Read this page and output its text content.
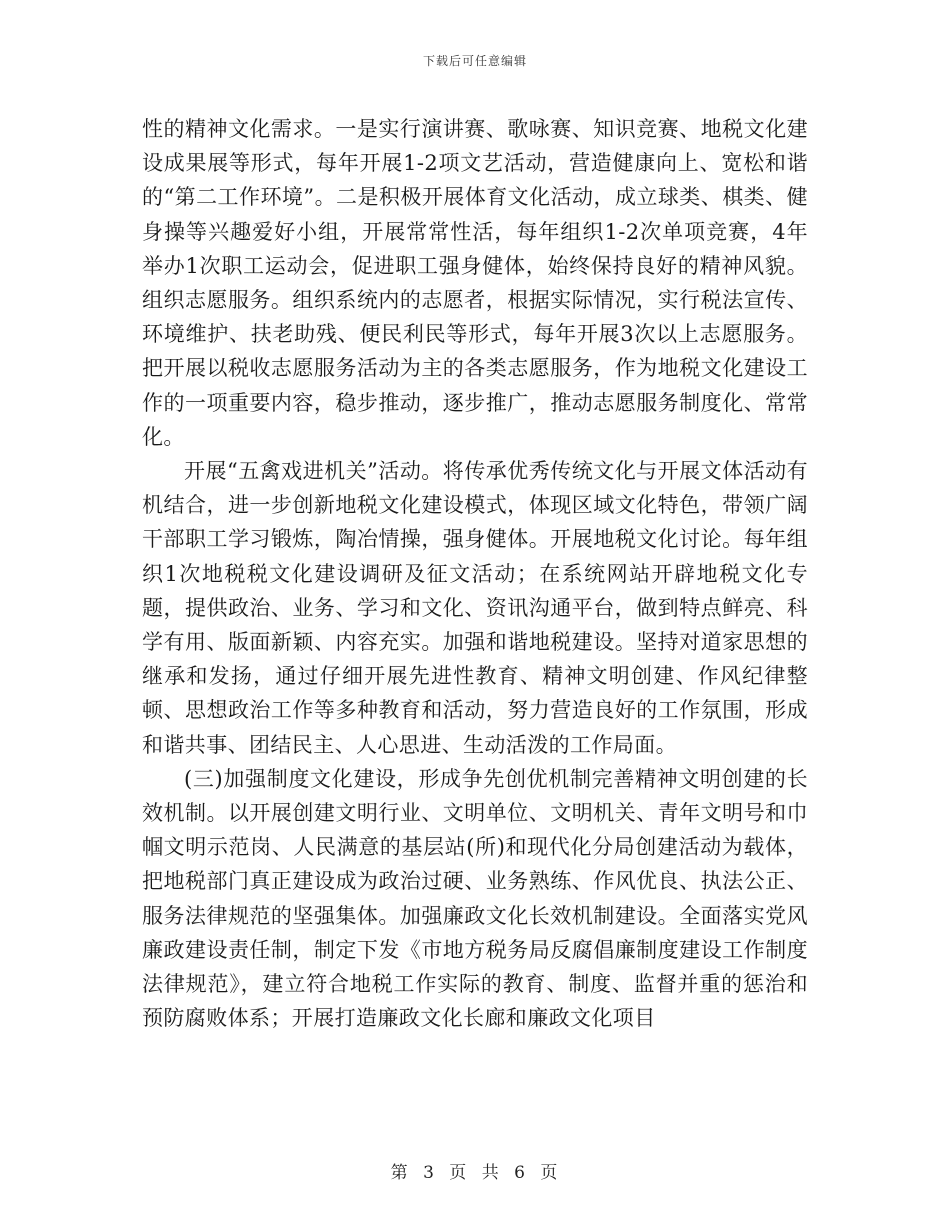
下载后可任意编辑

性的精神文化需求。一是实行演讲赛、歌咏赛、知识竞赛、地税文化建设成果展等形式，每年开展1-2项文艺活动，营造健康向上、宽松和谐的“第二工作环境”。二是积极开展体育文化活动，成立球类、棋类、健身操等兴趣爱好小组，开展常常性活，每年组织1-2次单项竞赛，4年举办1次职工运动会，促进职工强身健体，始终保持良好的精神风貌。组织志愿服务。组织系统内的志愿者，根据实际情况，实行税法宣传、环境维护、扶老助残、便民利民等形式，每年开展3次以上志愿服务。把开展以税收志愿服务活动为主的各类志愿服务，作为地税文化建设工作的一项重要内容，稳步推动，逐步推广，推动志愿服务制度化、常常化。

开展“五禽戏进机关”活动。将传承优秀传统文化与开展文体活动有机结合，进一步创新地税文化建设模式，体现区域文化特色，带领广阔干部职工学习锻炼，陶冶情操，强身健体。开展地税文化讨论。每年组织1次地税税文化建设调研及征文活动；在系统网站开辟地税文化专题，提供政治、业务、学习和文化、资讯沟通平台，做到特点鲜亮、科学有用、版面新颖、内容充实。加强和谐地税建设。坚持对道家思想的继承和发扬，通过仔细开展先进性教育、精神文明创建、作风纪律整顿、思想政治工作等多种教育和活动，努力营造良好的工作氛围，形成和谐共事、团结民主、人心思进、生动活泼的工作局面。

(三)加强制度文化建设，形成争先创优机制完善精神文明创建的长效机制。以开展创建文明行业、文明单位、文明机关、青年文明号和巾帼文明示范岗、人民满意的基层站(所)和现代化分局创建活动为载体，把地税部门真正建设成为政治过硬、业务熟练、作风优良、执法公正、服务法律规范的坚强集体。加强廉政文化长效机制建设。全面落实党风廉政建设责任制，制定下发《市地方税务局反腐倡廉制度建设工作制度法律规范》，建立符合地税工作实际的教育、制度、监督并重的惩治和预防腐败体系；开展打造廉政文化长廊和廉政文化项目

第 3 页 共 6 页
